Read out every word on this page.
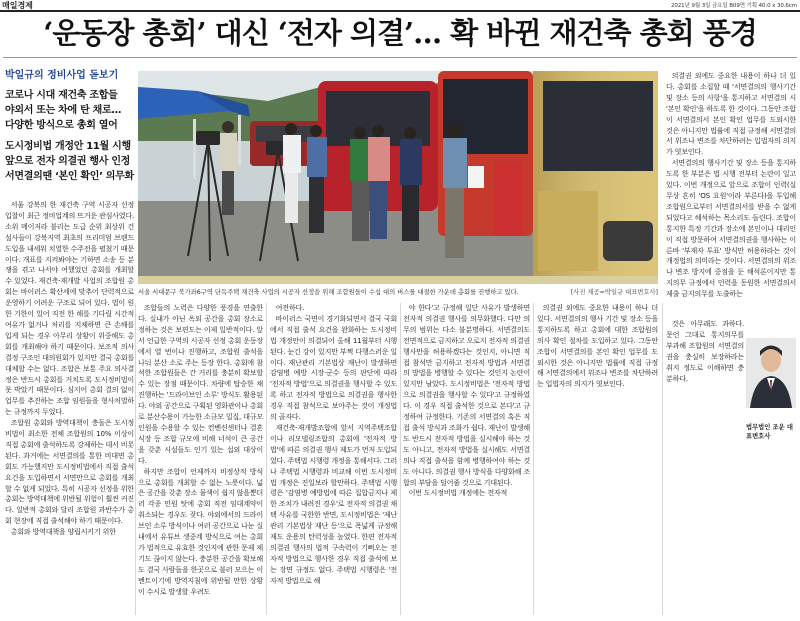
매일경제	2021년 9월 3일 금요일 B09면 기획 40.0 x 30.6cm
‘운동장 총회’ 대신 ‘전자 의결’… 확 바뀐 재건축 총회 풍경
박일규의 정비사업 돋보기
코로나 시대 재건축 조합들
야외서 또는 차에 탄 채로…
다양한 방식으로 총회 열어
도시정비법 개정안 11월 시행
앞으로 전자 의결권 행사 인정
서면결의땐 ‘본인 확인’ 의무화
서울 서대문구 북가좌6구역 단독주택 재건축 사업의 시공자 선정을 위해 조합원들이 수십 대의 버스를 대절한 가운데 총회를 진행하고 있다.	[사진 제공=박일규 대표변호사]

서울 강북의 한 재건축 구역 시공자 선정입찰이 최근 정비업계의 뜨거운 관심사였다. 소위 메이저라 불리는 도급 순위 최상위 건설사들이 강북지역 최초의 프리미엄 브랜드 도입을 내세워 치열한 수주전을 펼쳤기 때문이다. 개표를 지켜봐야는 기하면 소송 등 분쟁을 겪고 나서야 여했었던 총회를 개최할 수 있었다. 재건축·재개발 사업의 조합원 총회는 바이러스 확산세에 맞추어 단력적으로 운영하기 어려운 구조로 되어 있다. 법이 원한 기한이 있어 직전 한 해를 기다릴 시간적 여유가 없거나 처리를 지체하면 큰 손해를 입게 되는 경우 아무리 상황이 위중해도 총회를 개최해야 하기 때문이다. 보조적 의사결정 구조인 대의원회가 있지만 결국 총회를 대체할 수는 없다. 조합은 보통 주요 의사결정은 반드시 총회를 거치도록 도시정비법이 못 박았기 때문이다. 심지어 총회 결의 없이 업무를 추진하는 조합 임원들을 형사처벌하는 규정까지 두었다.

조합원 총회와 방역대책이 충돌은 도시정비법이 최소한 전체 조합원의 10% 이상이 직접 총회에 출석하도록 강제하는 데서 비롯된다. 과거에는 서면결의를 통한 비대면 총회도 가능했지만 도시정비법에서 직접 출석 요건을 도입하면서 서면만으로 총회를 개최할 수 없게 되었다. 특히 시공자 선정을 위한 총회는 방역대책에 위반될 위험이 훨씬 커진다. 일반적 총회와 달리 조합원 과반수가 총회 현장에 직접 출석해야 하기 때문이다.

총회와 방역대책을 양립시키기 위한

조합들의 노력은 다양한 풍경을 연출한다. 실내가 아닌 옥외 공간을 총회 장소로 정하는 것은 보편도는 이제 일반적이다. 앞서 언급한 구역의 시공자 선정 총회 운동장에서 열 번이나 진행하고, 조합원 출석을 나눠 분산 소로 주는 등장 한다. 총회에 참석한 조합원들은 간 거리를 충분히 확보할 수 있는 장점 때문이다. 차량에 탑승한 채 진행하는 '드라이브인 소루' 방식도 활용된다. 야외 공간으로 구획된 영화관이나 총회로 분산수용이 가능한 소규모 밀집, 대규모 인원을 수용할 수 있는 컨벤션센터나 결혼식장 등 조합 규모에 비해 너석이 큰 공간을 갖춘 시설들도 인기 있는 섭외 대상이다.

하지만 조합이 언제까지 비정상적 방식으로 총회를 개최할 수 없는 노릇이다. 넓은 공간을 갖춘 장소 물색이 쉽지 않을뿐더러 각종 민원 탓에 총회 직전 임대계약이 취소되는 경우도 잦다. 야외에서의 드라이브인 소루 방식이나 여러 공간으로 나눈 실내에서 유튜브 생중계 방식으로 여는 총회가 법적으로 유효한 것인지에 관한 문제 제기도 끊이지 않는다. 충분한 공간을 확보해도 결국 사람들을 한곳으로 불러 모으는 이벤트이기에 방역지침에 위반될 만한 상황이 수시로 발생할 우려도

여전하다.

바이러스 국면이 경기화되면서 결국 국회에서 직접 출석 요건을 완화하는 도시정비법 개정안이 의결되어 올해 11월부터 시행된다. 눈긴 강이 있지만 부쩍 다행스러운 일이다. 재난관리 기본법상 재난이 발생하면 감염병 예방 시장·군수 등의 판단에 따라 '전자적 방법'으로 의결권을 행사할 수 있도록 하고 전자적 방법으로 의결권을 행사한 경우 직접 참석으로 보아주는 것이 개정법의 골자다.

재건축·재개발조합에 앞서 지역주택조합이나 리모델링조합의 총회에 '전자적 방법'에 따른 의결권 행사 제도가 먼저 도입되었다. 주택법 시행령 개정을 통해서다. 그러나 주택법 시행령과 비교해 이번 도시정비법 개정은 진일보라 할만하다. 주택법 시행령은 '감염병 예방법에 따른 집합금지나 제한 조치가 내려진 경우'로 전자적 의결권 채택 사유를 국한한 반면, 도시정비법은 '재난관리 기본법상 재난 등'으로 폭넓게 규정해 재도 운용의 탄력성을 높였다. 한편 전자적 의결권 행사의 법적 구속력이 기뻐오는 전자적 방법으로 행사한 경우 직접 출석에 보는 장면 규정도 없다. 주택법 시행령은 '전자적 방법으로 해

야 한다'고 규정해 일단 사유가 발생하면 전자적 의결권 행사를 의무화했다. 다만 의무의 범위는 다소 불분명하다. 서면결의도 전면적으로 금지하고 오로지 전자적 의결권 행사만을 허용하겠다는 것인지, 아니면 직접 참석만 금지하고 전자적 방법과 서면결의 방법을 병행할 수 있다는 것인지 논란이 있지만 남았다. 도시정비법은 '전자적 방법으로 의결권을 행사할 수 있다'고 규정하였다. 이 경우 직접 출석한 것으로 본다'고 규정하여 규정한다. 기존의 서면결의 혹은 직접 출석 방식과 조화가 쉽다. 재난이 발생해도 반드시 전자적 방법을 실시해야 하는 것도 아니고, 전자적 방법을 실시해도 서면결의나 직접 출석을 함께 병행하여야 하는 것도 아니다. 의결권 행사 방식을 다양화해 조합의 부담을 덜어줄 것으로 기대된다.

이번 도시정비법 개정에는 전자적

의결권 외에도 중요한 내용이 하나 더 있다. 서면결의의 행사 기간 및 장소 등을 통지하도록 하고 총회에 대한 조합원의 의사 확인 절차를 도입하고 있다. 그동안 조합이 서면결의를 본인 확인 업무를 도외시한 것은 아니지만 법률에 직접 규정해 서면결의에서 위조나 변조를 차단하려는 입법자의 의지가 엿보인다.

의결권 외에도 중요한 내용이 하나 더 있다. 총회를 소집할 때 '서면결의의 행사기간 및 장소 등의 사항'을 통지하고 서면결의 시 '본인 확인'을 하도록 한 것이다. 그동안 조합이 서면결의서 본인 확인 업무를 도외시한 것은 아니지만 법률에 직접 규정해 서면결의서 위조나 변조를 차단하려는 입법자의 의지가 엿보인다.

서면결의의 행사기간 및 장소 등을 통지하도록 한 부분은 법 시행 전부터 논란이 일고 있다. 이번 개정으로 앞으로 조합이 인력(실무상 흔히 'OS 요원'이라 부른다)을 투입해 조합원으로부터 서면결의서를 받을 수 없게 되었다고 해석하는 목소리도 들린다. 조합이 통지한 특정 기간과 장소에 본인이나 대리인이 직접 방문하여 서면결의권을 행사하는 이른바 '부재자 투표' 방식만 허용하라는 것이 개정법의 의미라는 것이다. 서면결의의 위조나 변조 방지에 중점을 둔 해석론이지만 통지의무 규정에서 인력을 동원한 서면결의서 제출 금지의무를 도출하는

것은 아무래도 과하다. 문언 그대로 통지의무를 부과해 조합원의 서면결의권을 충실히 보장하라는 취지 정도로 이해하면 충분하다.

법무법인 조운 대표변호사
